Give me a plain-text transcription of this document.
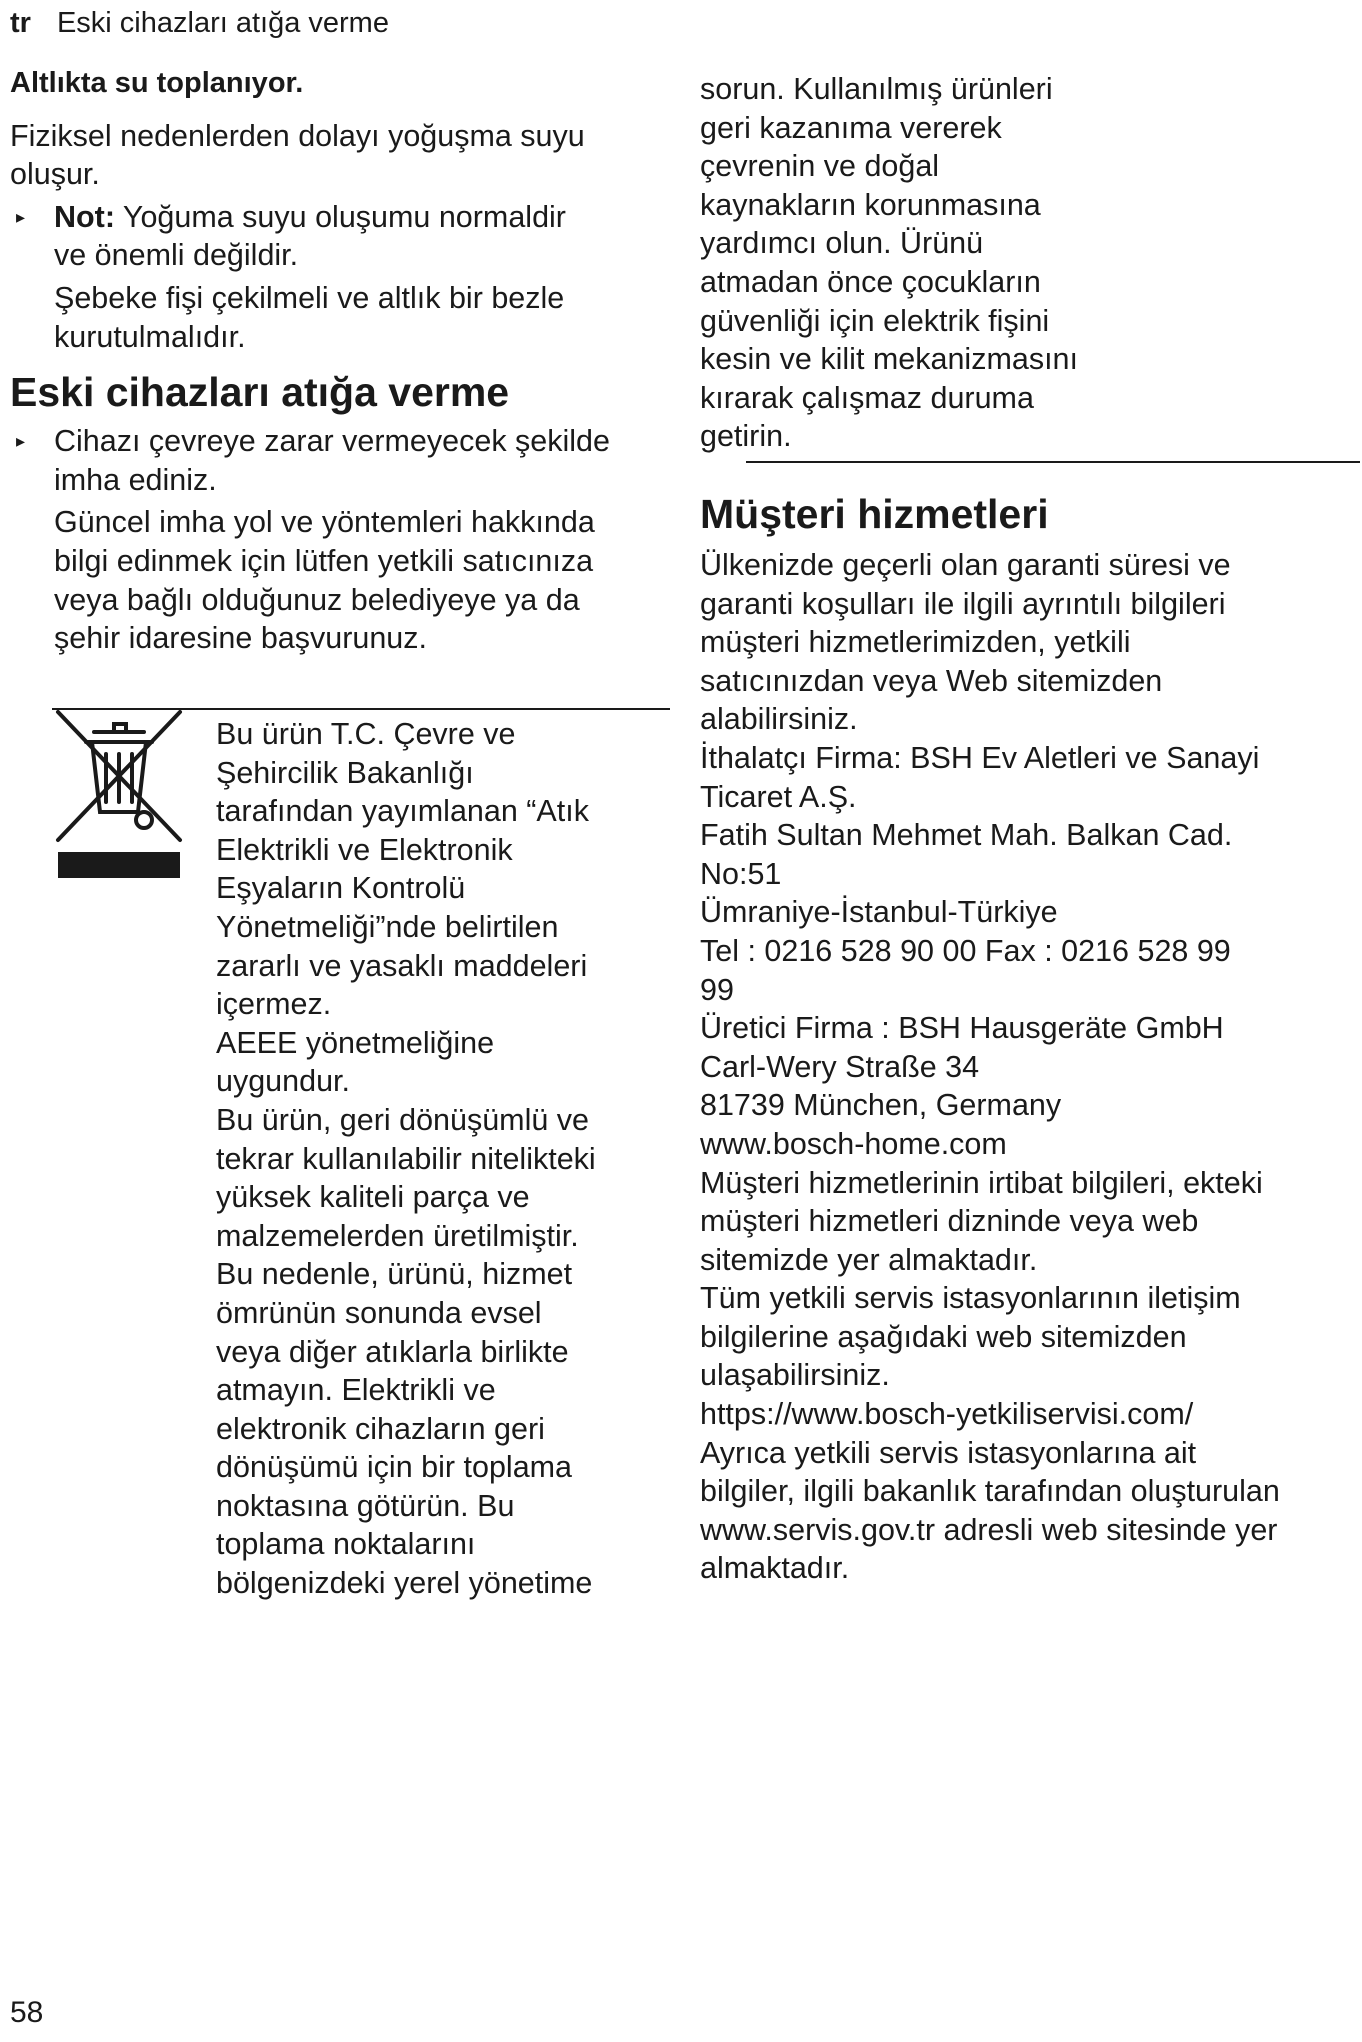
tr Eski cihazları atığa verme

Altlıkta su toplanıyor.

Fiziksel nedenlerden dolayı yoğuşma suyu

oluşur.

▸ Not: Yoğuma suyu oluşumu normaldir

ve önemli değildir.

Şebeke fişi çekilmeli ve altlık bir bezle

kurutulmalıdır.

Eski cihazları atığa verme

▸ Cihazı çevreye zarar vermeyecek şekilde

imha ediniz.

Güncel imha yol ve yöntemleri hakkında

bilgi edinmek için lütfen yetkili satıcınıza

veya bağlı olduğunuz belediyeye ya da

şehir idaresine başvurunuz.

Bu ürün T.C. Çevre ve

Şehircilik Bakanlığı

tarafından yayımlanan “Atık

Elektrikli ve Elektronik

Eşyaların Kontrolü

Yönetmeliği”nde belirtilen

zararlı ve yasaklı maddeleri

içermez.

AEEE yönetmeliğine

uygundur.

Bu ürün, geri dönüşümlü ve

tekrar kullanılabilir nitelikteki

yüksek kaliteli parça ve

malzemelerden üretilmiştir.

Bu nedenle, ürünü, hizmet

ömrünün sonunda evsel

veya diğer atıklarla birlikte

atmayın. Elektrikli ve

elektronik cihazların geri

dönüşümü için bir toplama

noktasına götürün. Bu

toplama noktalarını

bölgenizdeki yerel yönetime

sorun. Kullanılmış ürünleri

geri kazanıma vererek

çevrenin ve doğal

kaynakların korunmasına

yardımcı olun. Ürünü

atmadan önce çocukların

güvenliği için elektrik fişini

kesin ve kilit mekanizmasını

kırarak çalışmaz duruma

getirin.

Müşteri hizmetleri

Ülkenizde geçerli olan garanti süresi ve

garanti koşulları ile ilgili ayrıntılı bilgileri

müşteri hizmetlerimizden, yetkili

satıcınızdan veya Web sitemizden

alabilirsiniz.

İthalatçı Firma: BSH Ev Aletleri ve Sanayi

Ticaret A.Ş.

Fatih Sultan Mehmet Mah. Balkan Cad.

No:51

Ümraniye-İstanbul-Türkiye

Tel : 0216 528 90 00 Fax : 0216 528 99

99

Üretici Firma : BSH Hausgeräte GmbH

Carl-Wery Straße 34

81739 München, Germany

www.bosch-home.com

Müşteri hizmetlerinin irtibat bilgileri, ekteki

müşteri hizmetleri dizninde veya web

sitemizde yer almaktadır.

Tüm yetkili servis istasyonlarının iletişim

bilgilerine aşağıdaki web sitemizden

ulaşabilirsiniz.

https://www.bosch-yetkiliservisi.com/

Ayrıca yetkili servis istasyonlarına ait

bilgiler, ilgili bakanlık tarafından oluşturulan

www.servis.gov.tr adresli web sitesinde yer

almaktadır.

58
